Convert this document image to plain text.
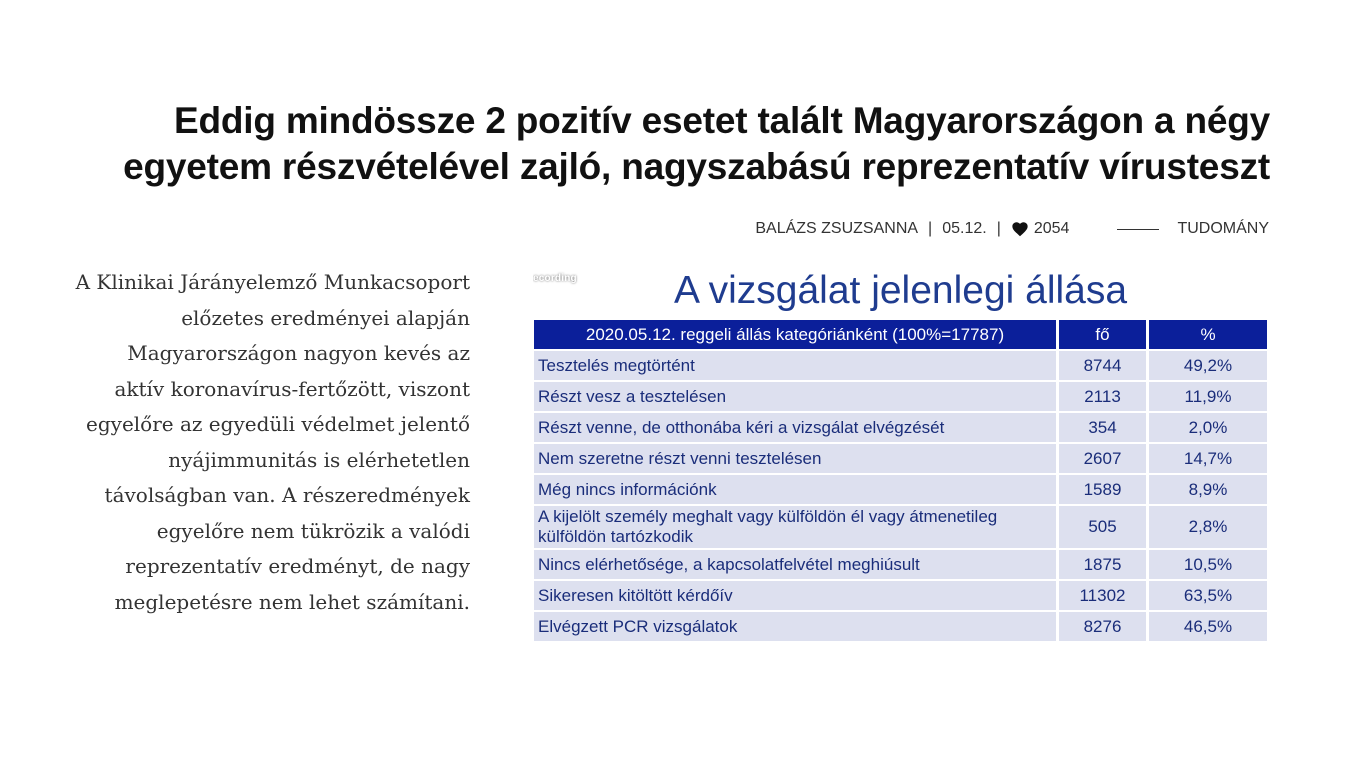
Eddig mindössze 2 pozitív esetet talált Magyarországon a négy egyetem részvételével zajló, nagyszabású reprezentatív vírusteszt
BALÁZS ZSUZSANNA | 05.12. | 2054	TUDOMÁNY

A Klinikai Járányelemző Munkacsoport előzetes eredményei alapján Magyarországon nagyon kevés az aktív koronavírus-fertőzött, viszont egyelőre az egyedüli védelmet jelentő nyájimmunitás is elérhetetlen távolságban van. A részeredmények egyelőre nem tükrözik a valódi reprezentatív eredményt, de nagy meglepetésre nem lehet számítani.

ecording	A vizsgálat jelenlegi állása
2020.05.12. reggeli állás kategóriánként (100%=17787)	fő	%
Tesztelés megtörtént	8744	49,2%
Részt vesz a tesztelésen	2113	11,9%
Részt venne, de otthonába kéri a vizsgálat elvégzését	354	2,0%
Nem szeretne részt venni tesztelésen	2607	14,7%
Még nincs információnk	1589	8,9%
A kijelölt személy meghalt vagy külföldön él vagy átmenetileg külföldön tartózkodik	505	2,8%
Nincs elérhetősége, a kapcsolatfelvétel meghiúsult	1875	10,5%
Sikeresen kitöltött kérdőív	11302	63,5%
Elvégzett PCR vizsgálatok	8276	46,5%
